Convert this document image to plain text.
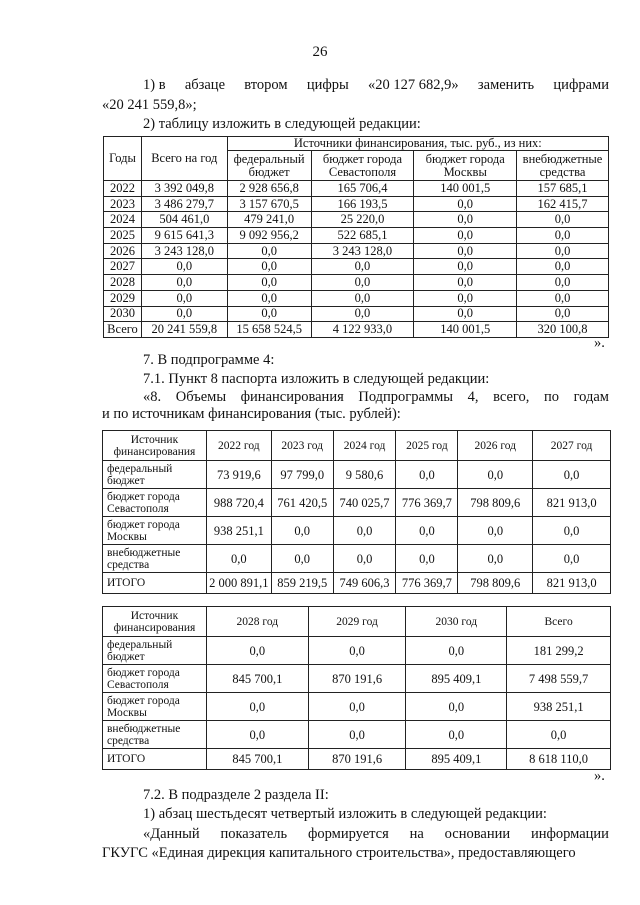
26
1) в абзаце втором цифры «20 127 682,9» заменить цифрами
«20 241 559,8»;
2) таблицу изложить в следующей редакции:
Годы	Всего на год	Источники финансирования, тыс. руб., из них:			
		федеральный бюджет	бюджет города Севастополя	бюджет города Москвы	внебюджетные средства
2022	3 392 049,8	2 928 656,8	165 706,4	140 001,5	157 685,1
2023	3 486 279,7	3 157 670,5	166 193,5	0,0	162 415,7
2024	504 461,0	479 241,0	25 220,0	0,0	0,0
2025	9 615 641,3	9 092 956,2	522 685,1	0,0	0,0
2026	3 243 128,0	0,0	3 243 128,0	0,0	0,0
2027	0,0	0,0	0,0	0,0	0,0
2028	0,0	0,0	0,0	0,0	0,0
2029	0,0	0,0	0,0	0,0	0,0
2030	0,0	0,0	0,0	0,0	0,0
Всего	20 241 559,8	15 658 524,5	4 122 933,0	140 001,5	320 100,8
».
7. В подпрограмме 4:
7.1. Пункт 8 паспорта изложить в следующей редакции:
«8. Объемы финансирования Подпрограммы 4, всего, по годам
и по источникам финансирования (тыс. рублей):
Источник финансирования	2022 год	2023 год	2024 год	2025 год	2026 год	2027 год
федеральный бюджет	73 919,6	97 799,0	9 580,6	0,0	0,0	0,0
бюджет города Севастополя	988 720,4	761 420,5	740 025,7	776 369,7	798 809,6	821 913,0
бюджет города Москвы	938 251,1	0,0	0,0	0,0	0,0	0,0
внебюджетные средства	0,0	0,0	0,0	0,0	0,0	0,0
ИТОГО	2 000 891,1	859 219,5	749 606,3	776 369,7	798 809,6	821 913,0
Источник финансирования	2028 год	2029 год	2030 год	Всего
федеральный бюджет	0,0	0,0	0,0	181 299,2
бюджет города Севастополя	845 700,1	870 191,6	895 409,1	7 498 559,7
бюджет города Москвы	0,0	0,0	0,0	938 251,1
внебюджетные средства	0,0	0,0	0,0	0,0
ИТОГО	845 700,1	870 191,6	895 409,1	8 618 110,0
».
7.2. В подразделе 2 раздела II:
1) абзац шестьдесят четвертый изложить в следующей редакции:
«Данный показатель формируется на основании информации
ГКУГС «Единая дирекция капитального строительства», предоставляющего
